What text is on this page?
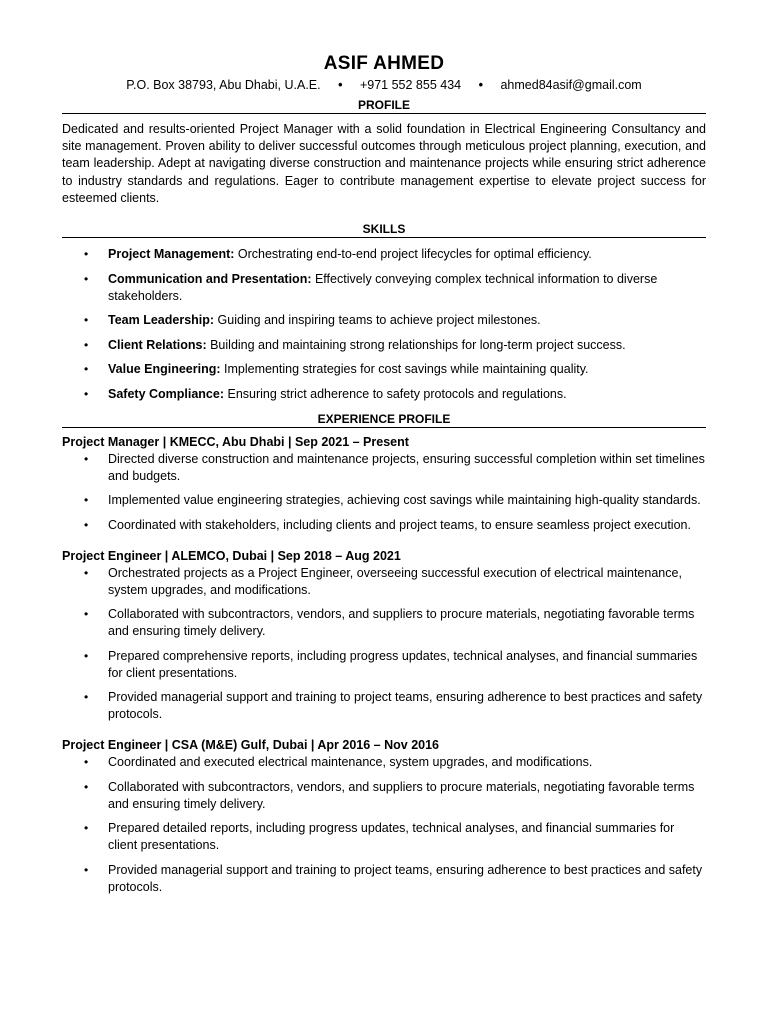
ASIF AHMED
P.O. Box 38793, Abu Dhabi, U.A.E. • +971 552 855 434 • ahmed84asif@gmail.com
PROFILE
Dedicated and results-oriented Project Manager with a solid foundation in Electrical Engineering Consultancy and site management. Proven ability to deliver successful outcomes through meticulous project planning, execution, and team leadership. Adept at navigating diverse construction and maintenance projects while ensuring strict adherence to industry standards and regulations. Eager to contribute management expertise to elevate project success for esteemed clients.
SKILLS
• Project Management: Orchestrating end-to-end project lifecycles for optimal efficiency.
• Communication and Presentation: Effectively conveying complex technical information to diverse stakeholders.
• Team Leadership: Guiding and inspiring teams to achieve project milestones.
• Client Relations: Building and maintaining strong relationships for long-term project success.
• Value Engineering: Implementing strategies for cost savings while maintaining quality.
• Safety Compliance: Ensuring strict adherence to safety protocols and regulations.
EXPERIENCE PROFILE
Project Manager | KMECC, Abu Dhabi | Sep 2021 – Present
• Directed diverse construction and maintenance projects, ensuring successful completion within set timelines and budgets.
• Implemented value engineering strategies, achieving cost savings while maintaining high-quality standards.
• Coordinated with stakeholders, including clients and project teams, to ensure seamless project execution.
Project Engineer | ALEMCO, Dubai | Sep 2018 – Aug 2021
• Orchestrated projects as a Project Engineer, overseeing successful execution of electrical maintenance, system upgrades, and modifications.
• Collaborated with subcontractors, vendors, and suppliers to procure materials, negotiating favorable terms and ensuring timely delivery.
• Prepared comprehensive reports, including progress updates, technical analyses, and financial summaries for client presentations.
• Provided managerial support and training to project teams, ensuring adherence to best practices and safety protocols.
Project Engineer | CSA (M&E) Gulf, Dubai | Apr 2016 – Nov 2016
• Coordinated and executed electrical maintenance, system upgrades, and modifications.
• Collaborated with subcontractors, vendors, and suppliers to procure materials, negotiating favorable terms and ensuring timely delivery.
• Prepared detailed reports, including progress updates, technical analyses, and financial summaries for client presentations.
• Provided managerial support and training to project teams, ensuring adherence to best practices and safety protocols.
